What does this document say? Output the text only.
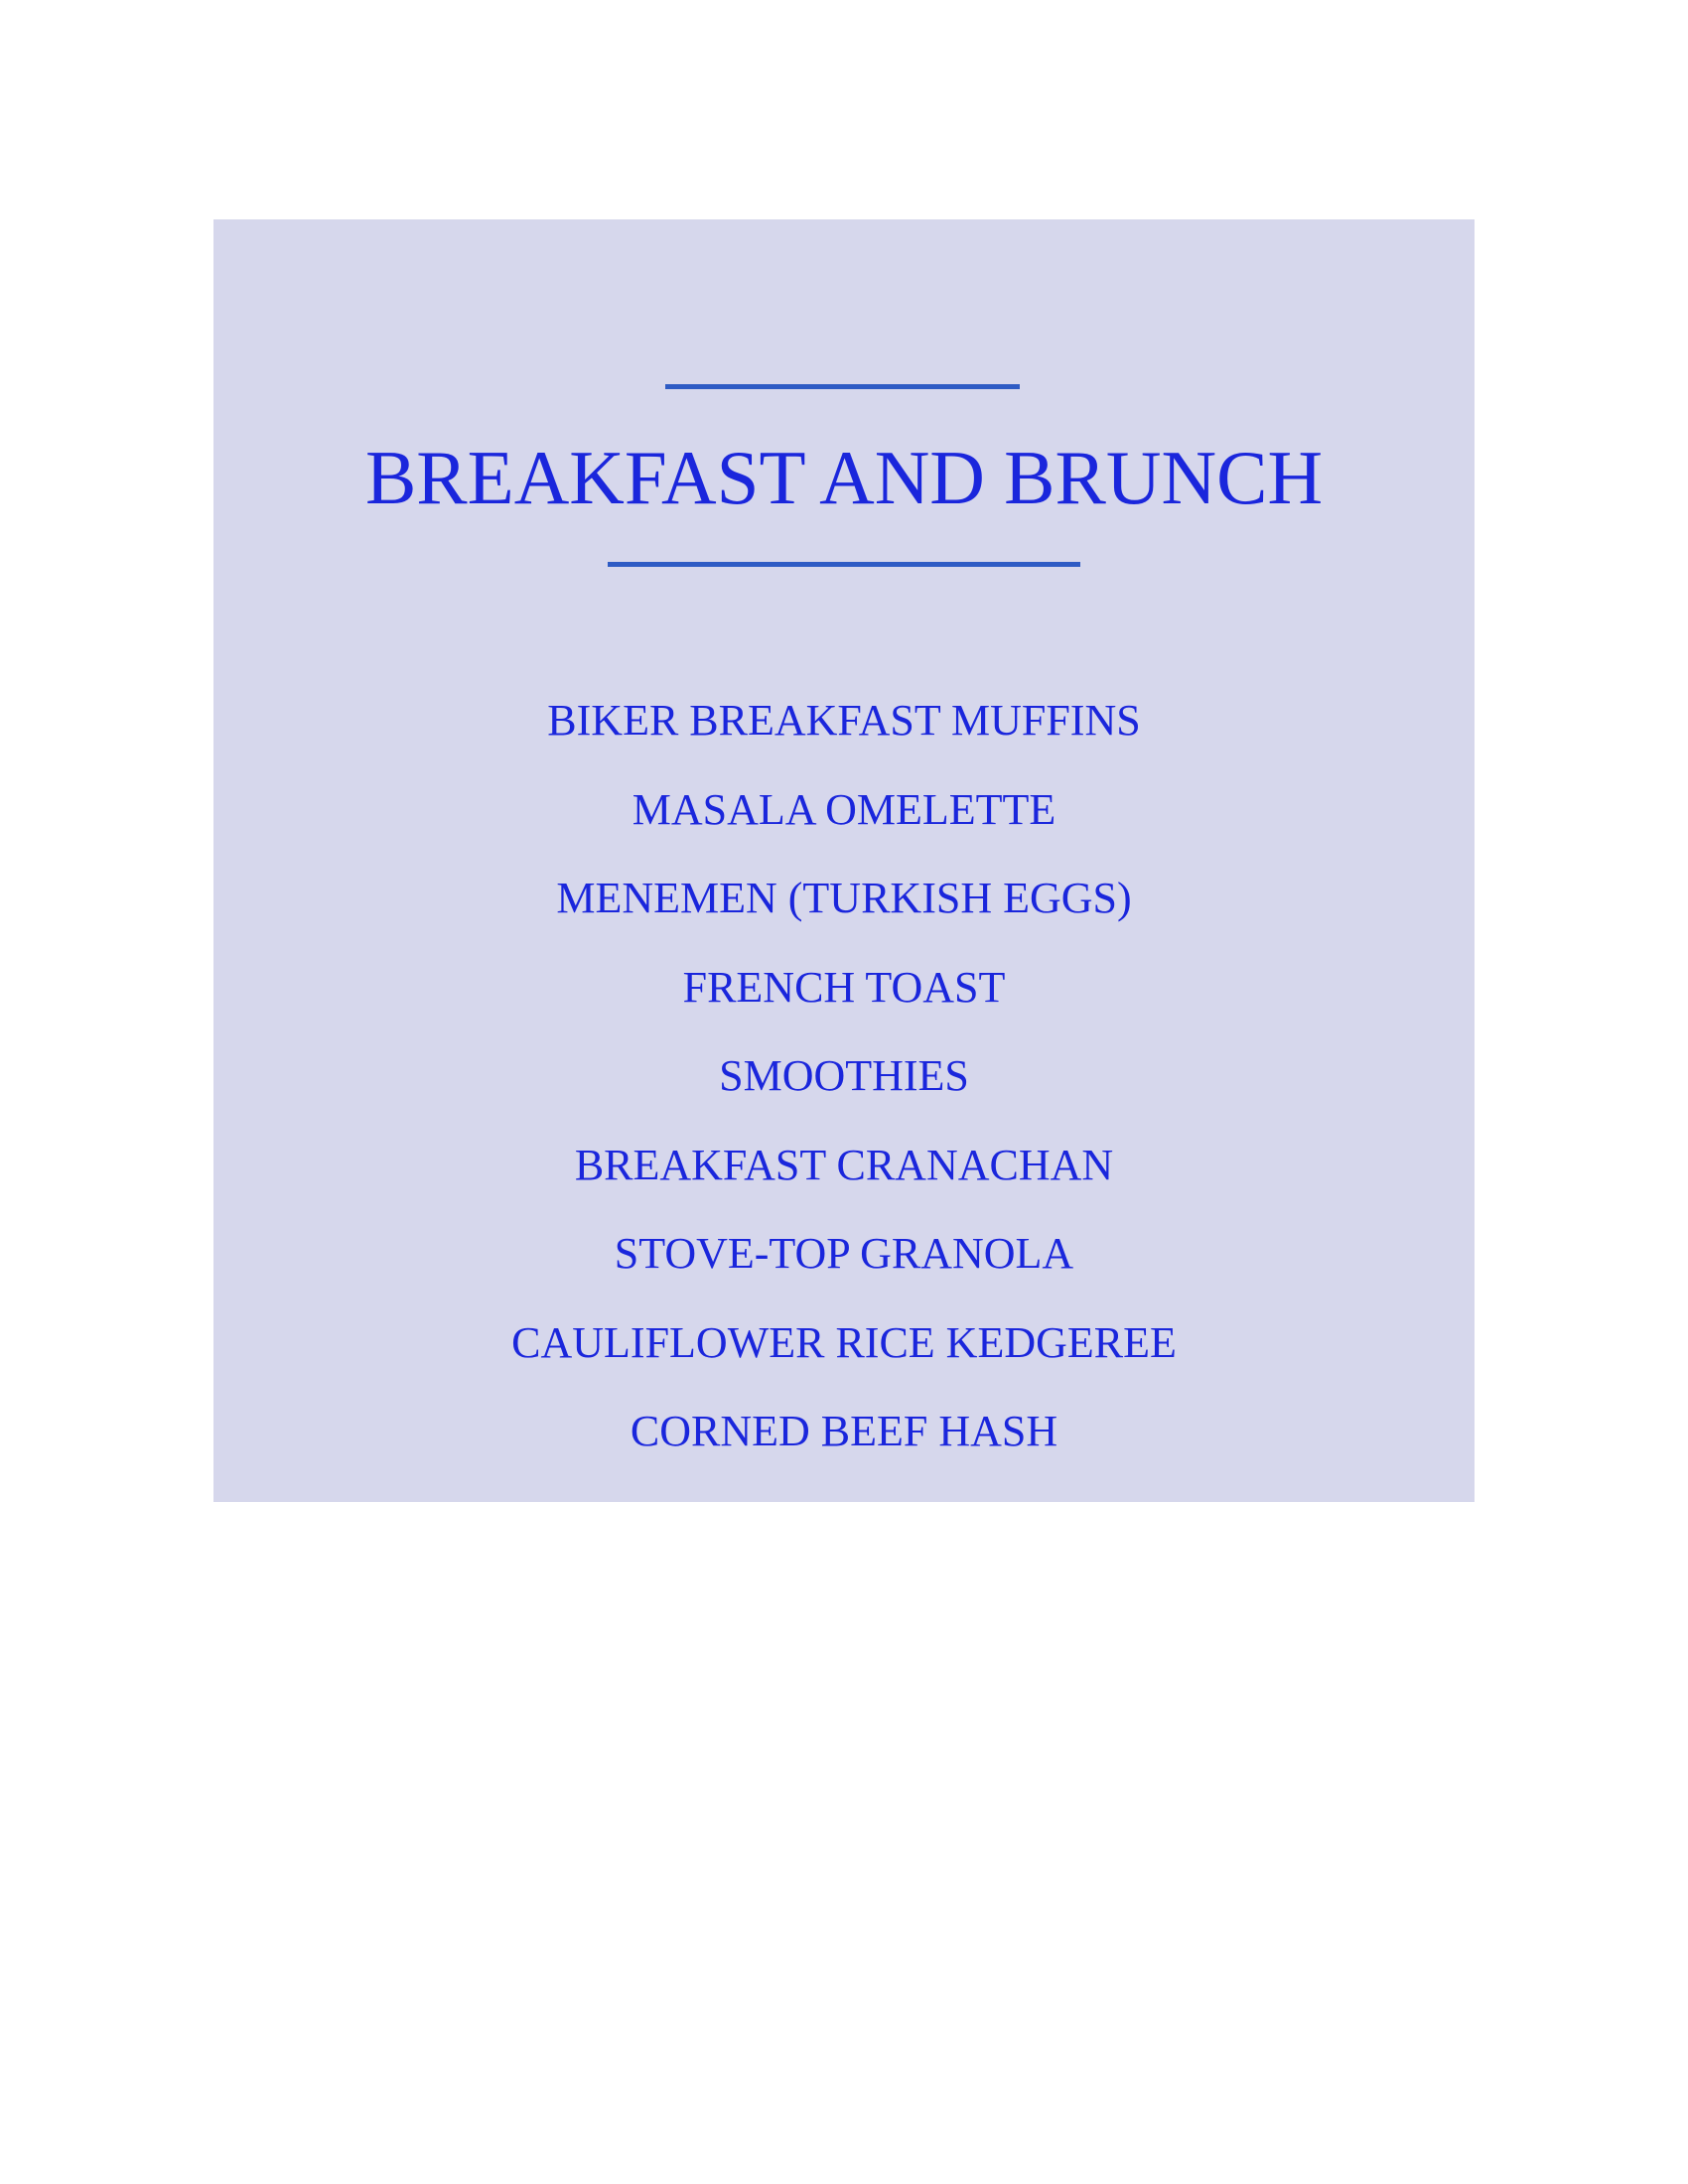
BREAKFAST AND BRUNCH
BIKER BREAKFAST MUFFINS
MASALA OMELETTE
MENEMEN (TURKISH EGGS)
FRENCH TOAST
SMOOTHIES
BREAKFAST CRANACHAN
STOVE-TOP GRANOLA
CAULIFLOWER RICE KEDGEREE
CORNED BEEF HASH
